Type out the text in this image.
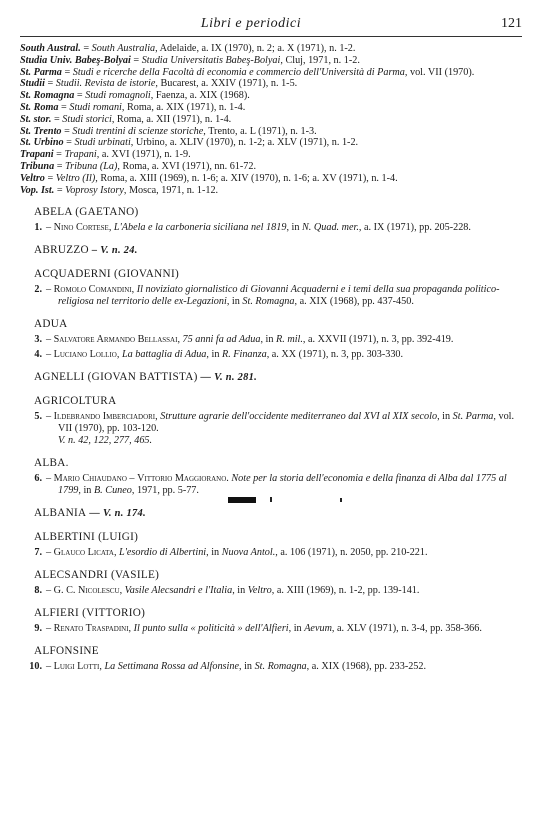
Libri e periodici	121
South Austral. = South Australia, Adelaide, a. IX (1970), n. 2; a. X (1971), n. 1-2.
Studia Univ. Babeş-Bolyai = Studia Universitatis Babeş-Bolyai, Cluj, 1971, n. 1-2.
St. Parma = Studi e ricerche della Facoltà di economia e commercio dell'Università di Parma, vol. VII (1970).
Studii = Studii. Revista de istorie, Bucarest, a. XXIV (1971), n. 1-5.
St. Romagna = Studi romagnoli, Faenza, a. XIX (1968).
St. Roma = Studi romani, Roma, a. XIX (1971), n. 1-4.
St. stor. = Studi storici, Roma, a. XII (1971), n. 1-4.
St. Trento = Studi trentini di scienze storiche, Trento, a. L (1971), n. 1-3.
St. Urbino = Studi urbinati, Urbino, a. XLIV (1970), n. 1-2; a. XLV (1971), n. 1-2.
Trapani = Trapani, a. XVI (1971), n. 1-9.
Tribuna = Tribuna (La), Roma, a. XVI (1971), nn. 61-72.
Veltro = Veltro (Il), Roma, a. XIII (1969), n. 1-6; a. XIV (1970), n. 1-6; a. XV (1971), n. 1-4.
Vop. Ist. = Voprosy Istory, Mosca, 1971, n. 1-12.
ABELA (GAETANO)
1. – Nino Cortese, L'Abela e la carboneria siciliana nel 1819, in N. Quad. mer., a. IX (1971), pp. 205-228.
ABRUZZO – V. n. 24.
ACQUADERNI (GIOVANNI)
2. – Romolo Comandini, Il noviziato giornalistico di Giovanni Acquaderni e i temi della sua propaganda politico-religiosa nel territorio delle ex-Legazioni, in St. Romagna, a. XIX (1968), pp. 437-450.
ADUA
3. – Salvatore Armando Bellassai, 75 anni fa ad Adua, in R. mil., a. XXVII (1971), n. 3, pp. 392-419.
4. – Luciano Lollio, La battaglia di Adua, in R. Finanza, a. XX (1971), n. 3, pp. 303-330.
AGNELLI (GIOVAN BATTISTA) — V. n. 281.
AGRICOLTURA
5. – Ildebrando Imberciadori, Strutture agrarie dell'occidente mediterraneo dal XVI al XIX secolo, in St. Parma, vol. VII (1970), pp. 103-120.
V. n. 42, 122, 277, 465.
ALBA.
6. – Mario Chiaudano – Vittorio Maggiorano. Note per la storia dell'economia e della finanza di Alba dal 1775 al 1799, in B. Cuneo, 1971, pp. 5-77.
ALBANIA — V. n. 174.
ALBERTINI (LUIGI)
7. – Glauco Licata, L'esordio di Albertini, in Nuova Antol., a. 106 (1971), n. 2050, pp. 210-221.
ALECSANDRI (VASILE)
8. – G. C. Nicolescu, Vasile Alecsandri e l'Italia, in Veltro, a. XIII (1969), n. 1-2, pp. 139-141.
ALFIERI (VITTORIO)
9. – Renato Traspadini, Il punto sulla « politicità » dell'Alfieri, in Aevum, a. XLV (1971), n. 3-4, pp. 358-366.
ALFONSINE
10. – Luigi Lotti, La Settimana Rossa ad Alfonsine, in St. Romagna, a. XIX (1968), pp. 233-252.
